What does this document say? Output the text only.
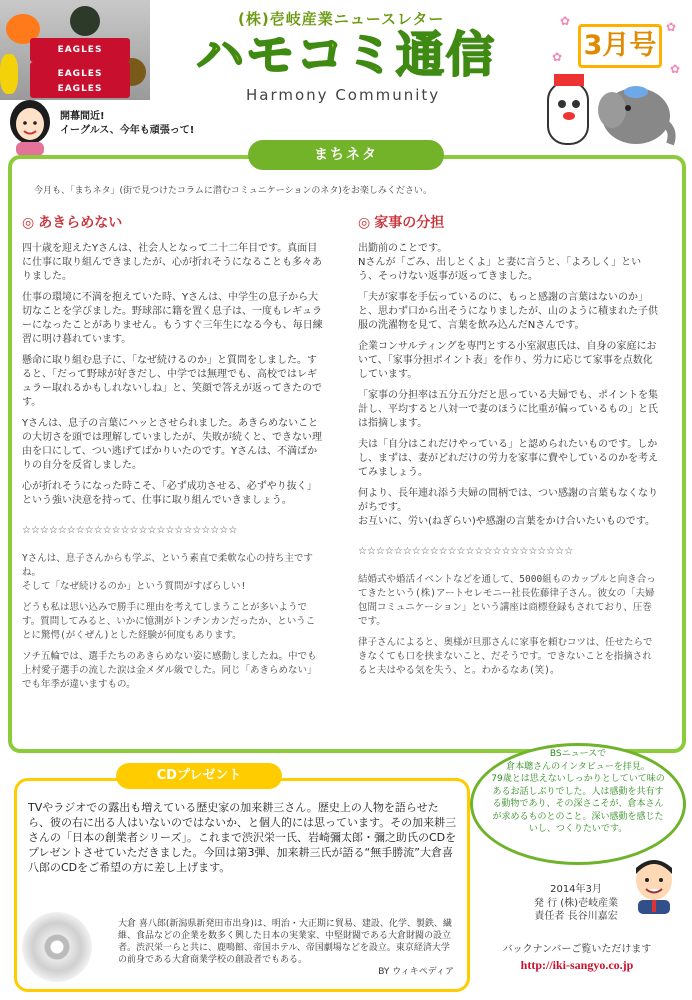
EAGLES
EAGLES
EAGLES
開幕間近!
イーグルス、今年も頑張って!
(株)壱岐産業ニュースレター
ハモコミ通信
Harmony Community
✿	✿
✿
✿
3月号
まちネタ
今月も、「まちネタ」(街で見つけたコラムに潜むコミュニケーションのネタ)をお楽しみください。
◎ あきらめない

四十歳を迎えたYさんは、社会人となって二十二年目です。真面目に仕事に取り組んできましたが、心が折れそうになることも多々ありました。

仕事の環境に不満を抱えていた時、Yさんは、中学生の息子から大切なことを学びました。野球部に籍を置く息子は、一度もレギュラーになったことがありません。もうすぐ三年生になる今も、毎日練習に明け暮れています。

懸命に取り組む息子に、「なぜ続けるのか」と質問をしました。すると、「だって野球が好きだし、中学では無理でも、高校ではレギュラー取れるかもしれないしね」と、笑顔で答えが返ってきたのです。

Yさんは、息子の言葉にハッとさせられました。あきらめないことの大切さを頭では理解していましたが、失敗が続くと、できない理由を口にして、つい逃げてばかりいたのです。Yさんは、不満ばかりの自分を反省しました。

心が折れそうになった時こそ、「必ず成功させる、必ずやり抜く」という強い決意を持って、仕事に取り組んでいきましょう。

☆☆☆☆☆☆☆☆☆☆☆☆☆☆☆☆☆☆☆☆☆☆☆☆

Yさんは、息子さんからも学ぶ、という素直で柔軟な心の持ち主ですね。
そして「なぜ続けるのか」という質問がすばらしい!

どうも私は思い込みで勝手に理由を考えてしまうことが多いようです。質問してみると、いかに憶測がトンチンカンだったか、ということに驚愕(がくぜん)とした経験が何度もあります。

ソチ五輪では、選手たちのあきらめない姿に感動しましたね。中でも上村愛子選手の流した涙は金メダル級でした。同じ「あきらめない」でも年季が違いますもの。

◎ 家事の分担

出勤前のことです。
Nさんが「ごみ、出しとくよ」と妻に言うと、「よろしく」という、そっけない返事が返ってきました。

「夫が家事を手伝っているのに、もっと感謝の言葉はないのか」と、思わず口から出そうになりましたが、山のように積まれた子供服の洗濯物を見て、言葉を飲み込んだNさんです。

企業コンサルティングを専門とする小室淑恵氏は、自身の家庭において、「家事分担ポイント表」を作り、労力に応じて家事を点数化しています。

「家事の分担率は五分五分だと思っている夫婦でも、ポイントを集計し、平均すると八対一で妻のほうに比重が偏っているもの」と氏は指摘します。

夫は「自分はこれだけやっている」と認められたいものです。しかし、まずは、妻がどれだけの労力を家事に費やしているのかを考えてみましょう。

何より、長年連れ添う夫婦の間柄では、つい感謝の言葉もなくなりがちです。
お互いに、労い(ねぎらい)や感謝の言葉をかけ合いたいものです。

☆☆☆☆☆☆☆☆☆☆☆☆☆☆☆☆☆☆☆☆☆☆☆☆

結婚式や婚活イベントなどを通して、5000組ものカップルと向き合ってきたという(株)アートセレモニー社長佐藤律子さん。彼女の「夫婦包間コミュニケーション」という講座は商標登録もされており、圧巻です。

律子さんによると、奥様が旦那さんに家事を頼むコツは、任せたらできなくても口を挟まないこと、だそうです。できないことを指摘されると夫はやる気を失う、と。わかるなあ(笑)。

CDプレゼント
TVやラジオでの露出も増えている歴史家の加来耕三さん。歴史上の人物を語らせたら、彼の右に出る人はいないのではないか、と個人的には思っています。その加来耕三さんの「日本の創業者シリーズ」。これまで渋沢栄一氏、岩崎彌太郎・彌之助氏のCDをプレゼントさせていただきました。今回は第3弾、加来耕三氏が語る“無手勝流”大倉喜八郎のCDをご希望の方に差し上げます。
大倉 喜八郎(新潟県新発田市出身)は、明治・大正期に貿易、建設、化学、製鉄、繊維、食品などの企業を数多く興した日本の実業家、中堅財閥である大倉財閥の設立者。渋沢栄一らと共に、鹿鳴館、帝国ホテル、帝国劇場などを設立。東京経済大学の前身である大倉商業学校の創設者でもある。
BY ウィキペディア
BSニュースで
倉本聰さんのインタビューを拝見。
79歳とは思えないしっかりとしていて味のあるお話しぶりでした。人は感動を共有する動物であり、その深さこそが、倉本さんが求めるものとのこと。深い感動を感じたいし、つくりたいです。
2014年3月
発 行 (株)壱岐産業
責任者 長谷川嘉宏
バックナンバーご覧いただけます
http://iki-sangyo.co.jp
